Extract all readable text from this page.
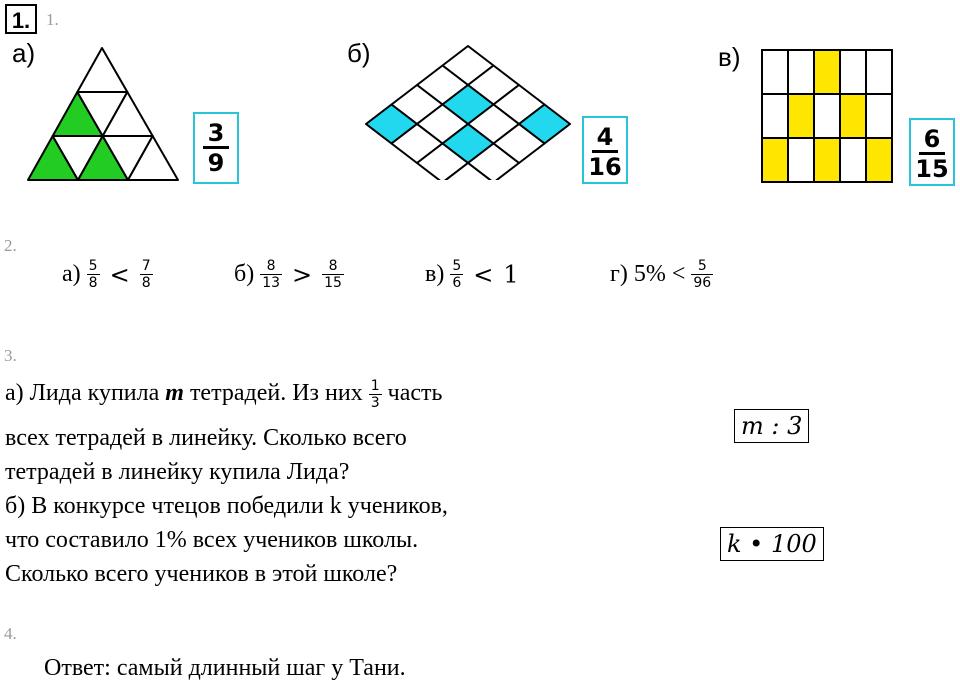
1. 1.
а)
$\frac{3}{9}$
б)
$\frac{4}{16}$
в)
$\frac{6}{15}$
2.
$а) \frac{5}{8} < \frac{7}{8}$	$б) \frac{8}{13} > \frac{8}{15}$	$в) \frac{5}{6} < 1$	г) $5\% < \frac{5}{96}$
3.
а) Лида купила m тетрадей. Из них $\frac{1}{3}$ часть
всех тетрадей в линейку. Сколько всего
тетрадей в линейку купила Лида?
m : 3
б) В конкурсе чтецов победили k учеников,
что составило 1% всех учеников школы.
Сколько всего учеников в этой школе?
k • 100
4.
Ответ: самый длинный шаг у Тани.
